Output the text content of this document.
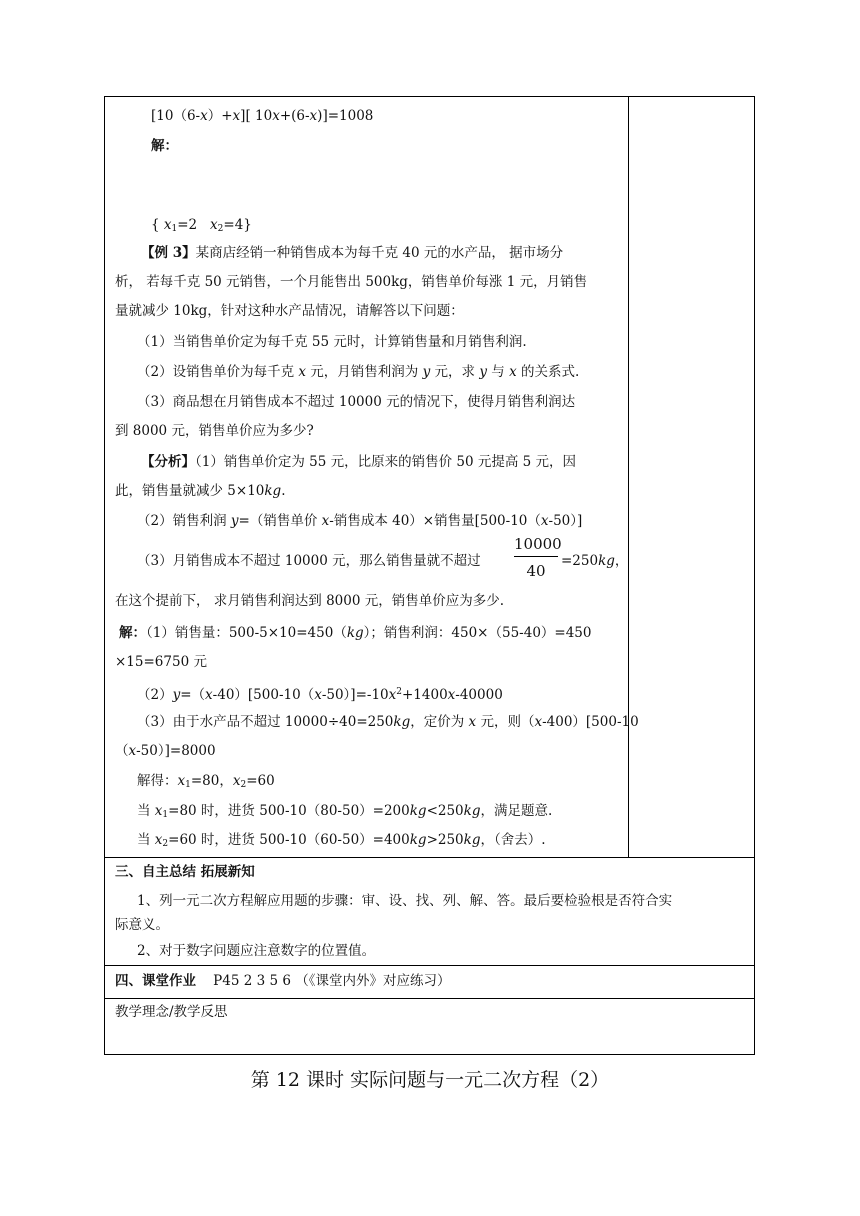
[10（6-x）+x][ 10x+(6-x)]=1008
解：
{ $x_1=2$   $x_2=4$}
【例 3】某商店经销一种销售成本为每千克 40 元的水产品， 据市场分
析， 若每千克 50 元销售，一个月能售出 500kg，销售单价每涨 1 元，月销售
量就减少 10kg，针对这种水产品情况，请解答以下问题：
（1）当销售单价定为每千克 55 元时，计算销售量和月销售利润.
（2）设销售单价为每千克 x 元，月销售利润为 y 元，求 y 与 x 的关系式.
（3）商品想在月销售成本不超过 10000 元的情况下，使得月销售利润达
到 8000 元，销售单价应为多少?
【分析】（1）销售单价定为 55 元，比原来的销售价 50 元提高 5 元，因
此，销售量就减少 5×10kg.
（2）销售利润 y=（销售单价 x-销售成本 40）×销售量[500-10（x-50）]
（3）月销售成本不超过 10000 元，那么销售量就不超过
10000
40
=250kg，
在这个提前下， 求月销售利润达到 8000 元，销售单价应为多少.
解：（1）销售量：500-5×10=450（kg）；销售利润：450×（55-40）=450
×15=6750 元
$(2)y=(x-40)[500-10(x-50)]=-10x^2+1400x-40000$
（3）由于水产品不超过 10000÷40=250kg，定价为 x 元，则（x-400）[500-10
（x-50）]=8000
解得：$x_1=80$，$x_2=60$
当 $x_1=80$ 时，进货 500-10（80-50）=200kg<250kg，满足题意.
当 $x_2=60$ 时，进货 500-10（60-50）=400kg>250kg，（舍去）.
三、自主总结 拓展新知
1、列一元二次方程解应用题的步骤：审、设、找、列、解、答。最后要检验根是否符合实
际意义。
2、对于数字问题应注意数字的位置值。
四、课堂作业 P45 2 3 5 6 （《课堂内外》对应练习）
教学理念/教学反思
第 12 课时 实际问题与一元二次方程（2）
